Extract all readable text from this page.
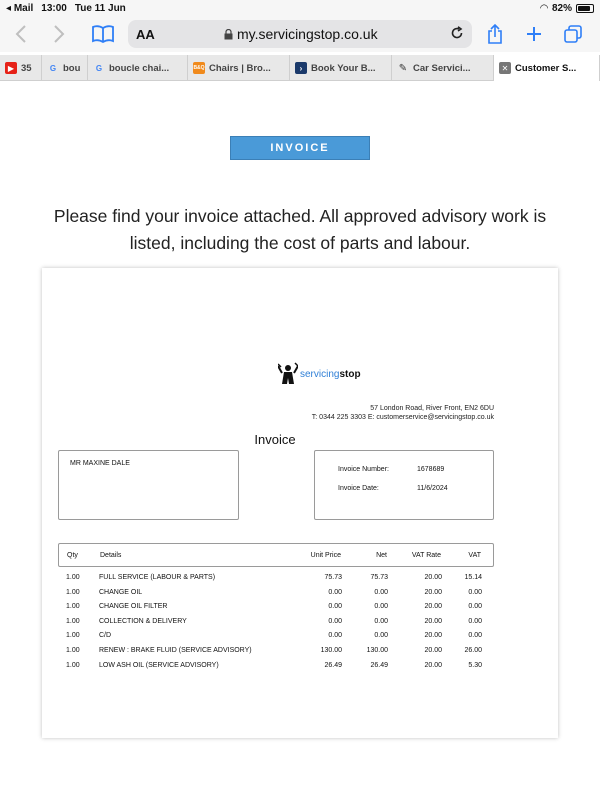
◂ Mail 13:00 Tue 11 Jun	◠ 82%
AA	my.servicingstop.co.uk
▶ 35	G bou	G boucle chai...	B&Q Chairs | Bro...	› Book Your B... ✎ Car Servici...	✕ Customer S...
INVOICE
Please find your invoice attached. All approved advisory work is listed, including the cost of parts and labour.
servicingstop
57 London Road, River Front, EN2 6DU
T: 0344 225 3303 E: customerservice@servicingstop.co.uk
Invoice
MR MAXINE DALE
Invoice Number:	1678689
Invoice Date:	11/6/2024
Qty	Details	Unit Price	Net	VAT Rate	VAT
1.00	FULL SERVICE (LABOUR & PARTS)	75.73	75.73	20.00	15.14
1.00	CHANGE OIL	0.00	0.00	20.00	0.00
1.00	CHANGE OIL FILTER	0.00	0.00	20.00	0.00
1.00	COLLECTION & DELIVERY	0.00	0.00	20.00	0.00
1.00	C/D	0.00	0.00	20.00	0.00
1.00	RENEW : BRAKE FLUID (SERVICE ADVISORY)	130.00	130.00	20.00	26.00
1.00	LOW ASH OIL (SERVICE ADVISORY)	26.49	26.49	20.00	5.30
